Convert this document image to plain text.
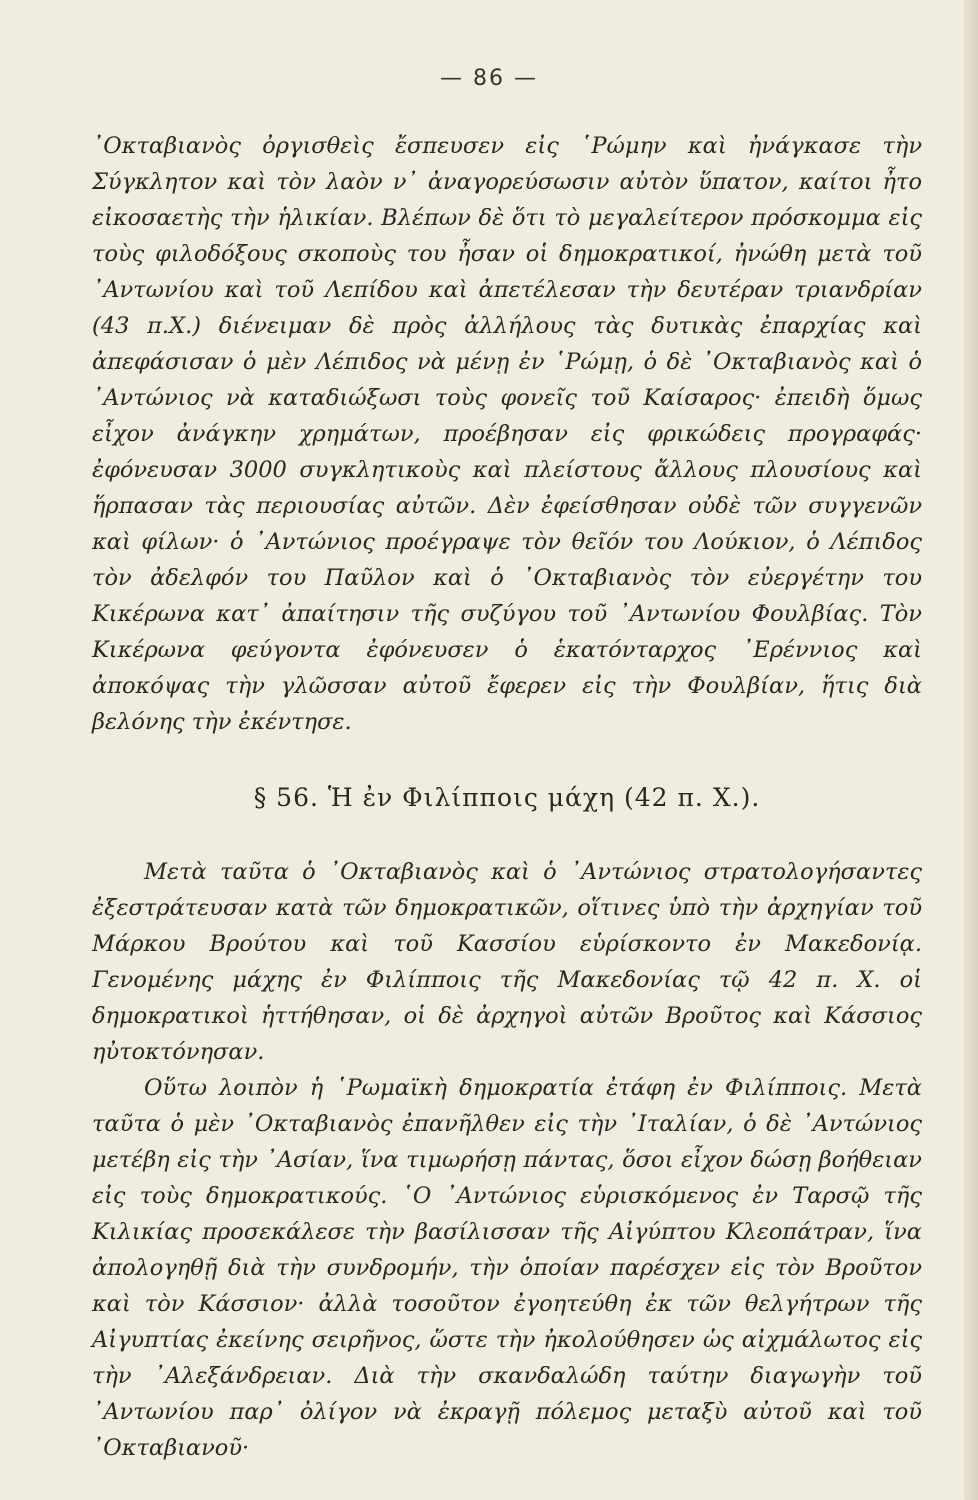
— 86 —

᾿Οκταβιανὸς ὀργισθεὶς ἔσπευσεν εἰς ῾Ρώμην καὶ ἠνάγκασε τὴν Σύγκλητον καὶ τὸν λαὸν ν᾿ ἀναγορεύσωσιν αὐτὸν ὕπατον, καίτοι ἦτο εἰκοσαετὴς τὴν ἡλικίαν. Βλέπων δὲ ὅτι τὸ μεγαλείτερον πρόσκομμα εἰς τοὺς φιλοδόξους σκοποὺς του ἦσαν οἱ δημοκρατικοί, ἠνώθη μετὰ τοῦ ᾿Αντωνίου καὶ τοῦ Λεπίδου καὶ ἀπετέλεσαν τὴν δευτέραν τριανδρίαν (43 π.Χ.) διένειμαν δὲ πρὸς ἀλλήλους τὰς δυτικὰς ἐπαρχίας καὶ ἀπεφάσισαν ὁ μὲν Λέπιδος νὰ μένῃ ἐν ῾Ρώμῃ, ὁ δὲ ᾿Οκταβιανὸς καὶ ὁ ᾿Αντώνιος νὰ καταδιώξωσι τοὺς φονεῖς τοῦ Καίσαρος· ἐπειδὴ ὅμως εἶχον ἀνάγκην χρημάτων, προέβησαν εἰς φρικώδεις προγραφάς· ἐφόνευσαν 3000 συγκλητικοὺς καὶ πλείστους ἄλλους πλουσίους καὶ ἥρπασαν τὰς περιουσίας αὐτῶν. Δὲν ἐφείσθησαν οὐδὲ τῶν συγγενῶν καὶ φίλων· ὁ ᾿Αντώνιος προέγραψε τὸν θεῖόν του Λούκιον, ὁ Λέπιδος τὸν ἀδελφόν του Παῦλον καὶ ὁ ᾿Οκταβιανὸς τὸν εὐεργέτην του Κικέρωνα κατ᾿ ἀπαίτησιν τῆς συζύγου τοῦ ᾿Αντωνίου Φουλβίας. Τὸν Κικέρωνα φεύγοντα ἐφόνευσεν ὁ ἑκατόνταρχος ᾿Ερέννιος καὶ ἀποκόψας τὴν γλῶσσαν αὐτοῦ ἔφερεν εἰς τὴν Φουλβίαν, ἥτις διὰ βελόνης τὴν ἐκέντησε.

§ 56. Ἡ ἐν Φιλίπποις μάχη (42 π. Χ.).

Μετὰ ταῦτα ὁ ᾿Οκταβιανὸς καὶ ὁ ᾿Αντώνιος στρατολογήσαντες ἐξεστράτευσαν κατὰ τῶν δημοκρατικῶν, οἵτινες ὑπὸ τὴν ἀρχηγίαν τοῦ Μάρκου Βρούτου καὶ τοῦ Κασσίου εὑρίσκοντο ἐν Μακεδονίᾳ. Γενομένης μάχης ἐν Φιλίπποις τῆς Μακεδονίας τῷ 42 π. Χ. οἱ δημοκρατικοὶ ἡττήθησαν, οἱ δὲ ἀρχηγοὶ αὐτῶν Βροῦτος καὶ Κάσσιος ηὐτοκτόνησαν.

Οὕτω λοιπὸν ἡ ῾Ρωμαϊκὴ δημοκρατία ἐτάφη ἐν Φιλίπποις. Μετὰ ταῦτα ὁ μὲν ᾿Οκταβιανὸς ἐπανῆλθεν εἰς τὴν ᾿Ιταλίαν, ὁ δὲ ᾿Αντώνιος μετέβη εἰς τὴν ᾿Ασίαν, ἵνα τιμωρήσῃ πάντας, ὅσοι εἶχον δώσῃ βοήθειαν εἰς τοὺς δημοκρατικούς. ῾Ο ᾿Αντώνιος εὑρισκόμενος ἐν Ταρσῷ τῆς Κιλικίας προσεκάλεσε τὴν βασίλισσαν τῆς Αἰγύπτου Κλεοπάτραν, ἵνα ἀπολογηθῇ διὰ τὴν συνδρομήν, τὴν ὁποίαν παρέσχεν εἰς τὸν Βροῦτον καὶ τὸν Κάσσιον· ἀλλὰ τοσοῦτον ἐγοητεύθη ἐκ τῶν θελγήτρων τῆς Αἰγυπτίας ἐκείνης σειρῆνος, ὥστε τὴν ἠκολούθησεν ὡς αἰχμάλωτος εἰς τὴν ᾿Αλεξάνδρειαν. Διὰ τὴν σκανδαλώδη ταύτην διαγωγὴν τοῦ ᾿Αντωνίου παρ᾿ ὀλίγον νὰ ἐκραγῇ πόλεμος μεταξὺ αὐτοῦ καὶ τοῦ ᾿Οκταβιανοῦ·
